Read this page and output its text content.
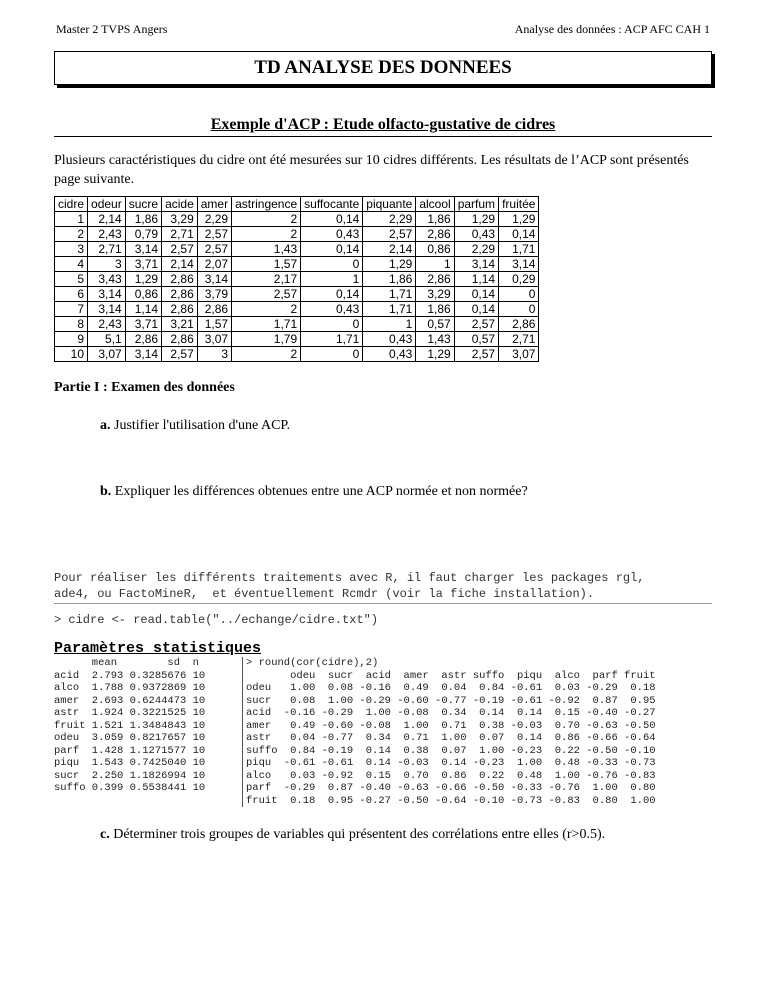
Master 2 TVPS Angers	Analyse des données : ACP AFC CAH 1
TD ANALYSE DES DONNEES
Exemple d'ACP : Etude olfacto-gustative de cidres
Plusieurs caractéristiques du cidre ont été mesurées sur 10 cidres différents. Les résultats de l’ACP sont présentés page suivante.
cidre	odeur	sucre	acide	amer	astringence	suffocante	piquante	alcool	parfum	fruitée
1	2,14	1,86	3,29	2,29	2	0,14	2,29	1,86	1,29	1,29
2	2,43	0,79	2,71	2,57	2	0,43	2,57	2,86	0,43	0,14
3	2,71	3,14	2,57	2,57	1,43	0,14	2,14	0,86	2,29	1,71
4	3	3,71	2,14	2,07	1,57	0	1,29	1	3,14	3,14
5	3,43	1,29	2,86	3,14	2,17	1	1,86	2,86	1,14	0,29
6	3,14	0,86	2,86	3,79	2,57	0,14	1,71	3,29	0,14	0
7	3,14	1,14	2,86	2,86	2	0,43	1,71	1,86	0,14	0
8	2,43	3,71	3,21	1,57	1,71	0	1	0,57	2,57	2,86
9	5,1	2,86	2,86	3,07	1,79	1,71	0,43	1,43	0,57	2,71
10	3,07	3,14	2,57	3	2	0	0,43	1,29	2,57	3,07
Partie I : Examen des données
a. Justifier l'utilisation d'une ACP.
b. Expliquer les différences obtenues entre une ACP normée et non normée?
Pour réaliser les différents traitements avec R, il faut charger les packages rgl,
ade4, ou FactoMineR,  et éventuellement Rcmdr (voir la fiche installation).
> cidre <- read.table("../echange/cidre.txt")
Paramètres statistiques
mean        sd  n
acid  2.793 0.3285676 10
alco  1.788 0.9372869 10
amer  2.693 0.6244473 10
astr  1.924 0.3221525 10
fruit 1.521 1.3484843 10
odeu  3.059 0.8217657 10
parf  1.428 1.1271577 10
piqu  1.543 0.7425040 10
sucr  2.250 1.1826994 10
suffo 0.399 0.5538441 10
> round(cor(cidre),2)
odeu  sucr  acid  amer  astr suffo  piqu  alco  parf fruit
odeu   1.00  0.08 -0.16  0.49  0.04  0.84 -0.61  0.03 -0.29  0.18
sucr   0.08  1.00 -0.29 -0.60 -0.77 -0.19 -0.61 -0.92  0.87  0.95
acid  -0.16 -0.29  1.00 -0.08  0.34  0.14  0.14  0.15 -0.40 -0.27
amer   0.49 -0.60 -0.08  1.00  0.71  0.38 -0.03  0.70 -0.63 -0.50
astr   0.04 -0.77  0.34  0.71  1.00  0.07  0.14  0.86 -0.66 -0.64
suffo  0.84 -0.19  0.14  0.38  0.07  1.00 -0.23  0.22 -0.50 -0.10
piqu  -0.61 -0.61  0.14 -0.03  0.14 -0.23  1.00  0.48 -0.33 -0.73
alco   0.03 -0.92  0.15  0.70  0.86  0.22  0.48  1.00 -0.76 -0.83
parf  -0.29  0.87 -0.40 -0.63 -0.66 -0.50 -0.33 -0.76  1.00  0.80
fruit  0.18  0.95 -0.27 -0.50 -0.64 -0.10 -0.73 -0.83  0.80  1.00
c. Déterminer trois groupes de variables qui présentent des corrélations entre elles (r>0.5).
